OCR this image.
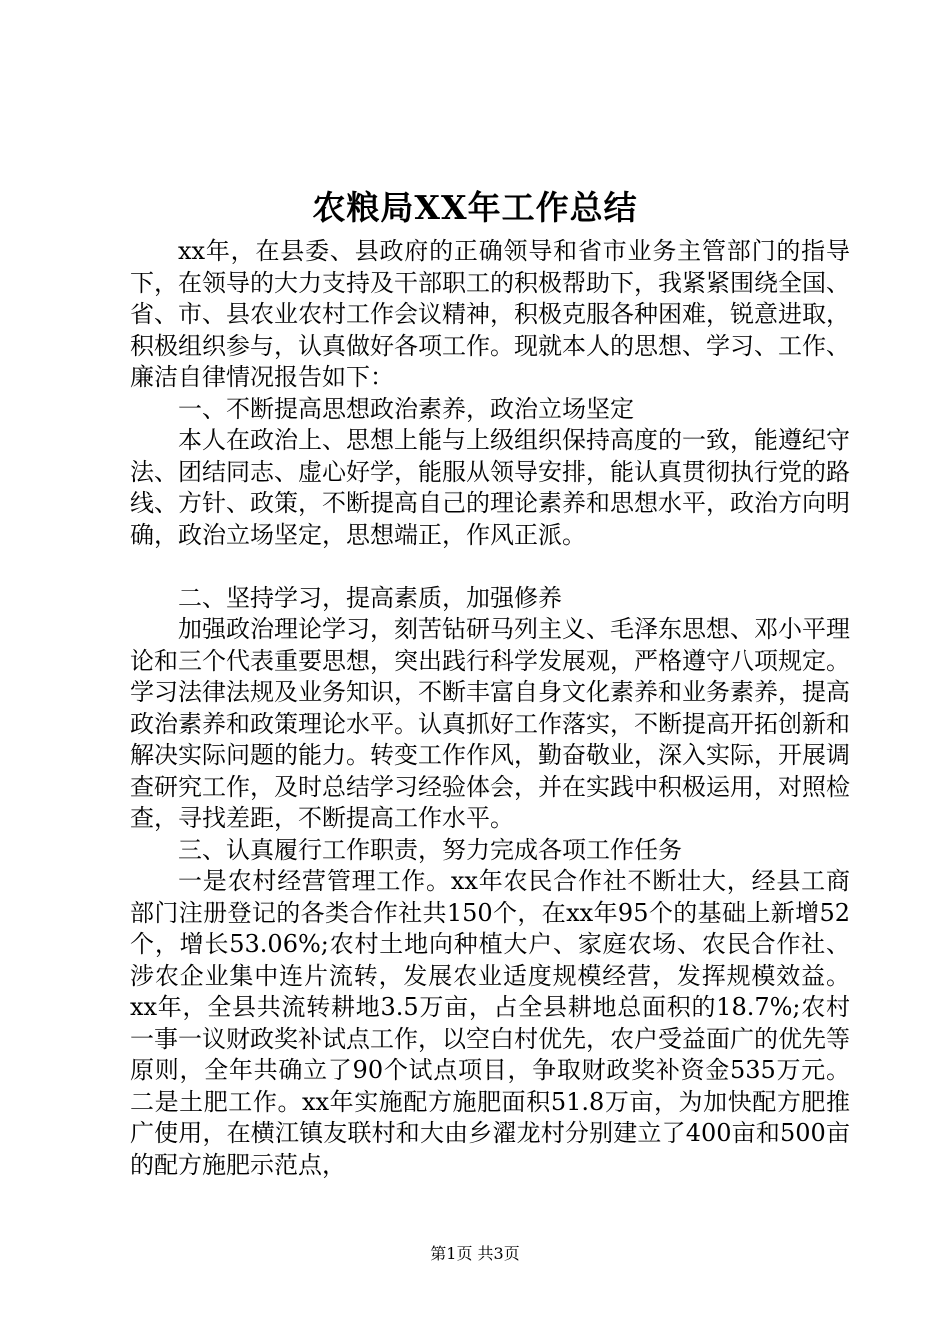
农粮局XX年工作总结

xx年，在县委、县政府的正确领导和省市业务主管部门的指导下，在领导的大力支持及干部职工的积极帮助下，我紧紧围绕全国、省、市、县农业农村工作会议精神，积极克服各种困难，锐意进取，积极组织参与，认真做好各项工作。现就本人的思想、学习、工作、廉洁自律情况报告如下：

一、不断提高思想政治素养，政治立场坚定

本人在政治上、思想上能与上级组织保持高度的一致，能遵纪守法、团结同志、虚心好学，能服从领导安排，能认真贯彻执行党的路线、方针、政策，不断提高自己的理论素养和思想水平，政治方向明确，政治立场坚定，思想端正，作风正派。

二、坚持学习，提高素质，加强修养

加强政治理论学习，刻苦钻研马列主义、毛泽东思想、邓小平理论和三个代表重要思想，突出践行科学发展观，严格遵守八项规定。学习法律法规及业务知识，不断丰富自身文化素养和业务素养，提高政治素养和政策理论水平。认真抓好工作落实，不断提高开拓创新和解决实际问题的能力。转变工作作风，勤奋敬业，深入实际，开展调查研究工作，及时总结学习经验体会，并在实践中积极运用，对照检查，寻找差距，不断提高工作水平。

三、认真履行工作职责，努力完成各项工作任务

一是农村经营管理工作。xx年农民合作社不断壮大，经县工商部门注册登记的各类合作社共150个，在xx年95个的基础上新增52个，增长53.06%;农村土地向种植大户、家庭农场、农民合作社、涉农企业集中连片流转，发展农业适度规模经营，发挥规模效益。xx年，全县共流转耕地3.5万亩，占全县耕地总面积的18.7%;农村一事一议财政奖补试点工作，以空白村优先，农户受益面广的优先等原则，全年共确立了90个试点项目，争取财政奖补资金535万元。二是土肥工作。xx年实施配方施肥面积51.8万亩，为加快配方肥推广使用，在横江镇友联村和大由乡濯龙村分别建立了400亩和500亩的配方施肥示范点，

第1页 共3页
